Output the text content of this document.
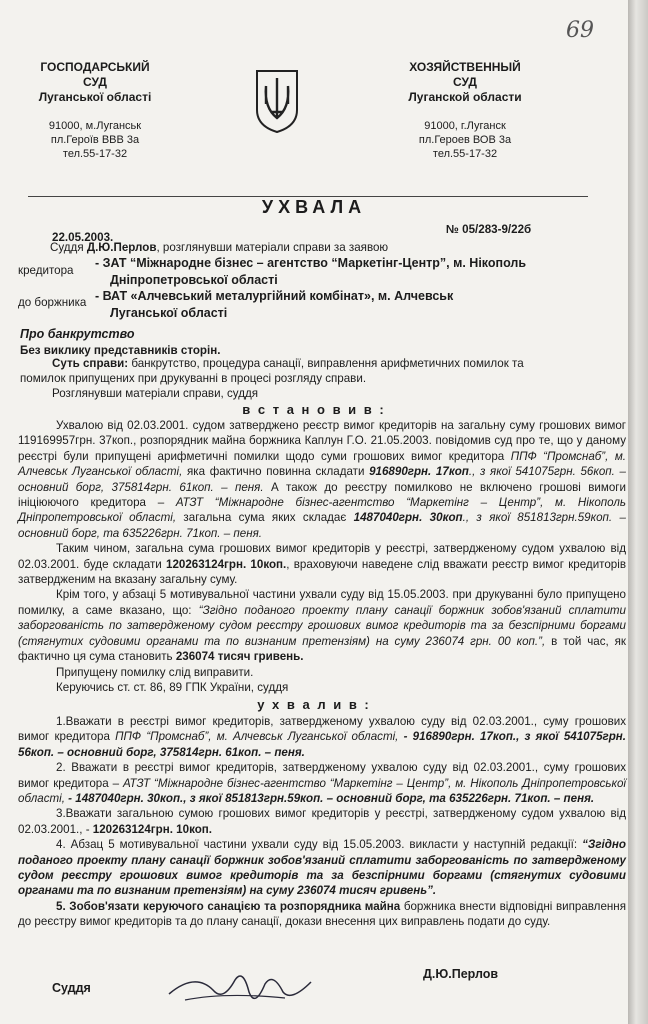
69
ГОСПОДАРСЬКИЙ
СУД
Луганської області
91000, м.Луганськ
пл.Героїв ВВВ 3а
тел.55-17-32
ХОЗЯЙСТВЕННЫЙ
СУД
Луганской области
91000, г.Луганск
пл.Героев ВОВ 3а
тел.55-17-32
УХВАЛА
22.05.2003.
№ 05/283-9/22б
Суддя Д.Ю.Перлов, розглянувши матеріали справи за заявою
кредитора
- ЗАТ “Міжнародне бізнес – агентство “Маркетінг-Центр”, м. Нікополь
Дніпропетровської області
до боржника - ВАТ «Алчевський металургійний комбінат», м. Алчевськ
Луганської області
Про банкрутство
Без виклику представників сторін.
Суть справи: банкрутство, процедура санації, виправлення арифметичних помилок та
помилок припущених при друкуванні в процесі розгляду справи.
Розглянувши матеріали справи, суддя
в с т а н о в и в :

Ухвалою від 02.03.2001. судом затверджено реєстр вимог кредиторів на загальну суму грошових вимог 119169957грн. 37коп., розпорядник майна боржника Каплун Г.О. 21.05.2003. повідомив суд про те, що у даному реєстрі були припущені арифметичні помилки щодо суми грошових вимог кредитора ППФ “Промснаб”, м. Алчевськ Луганської області, яка фактично повинна складати 916890грн. 17коп., з якої 541075грн. 56коп. – основний борг, 375814грн. 61коп. – пеня. А також до реєстру помилково не включено грошові вимоги ініціюючого кредитора – АТЗТ “Міжнародне бізнес-агентство “Маркетінг – Центр”, м. Нікополь Дніпропетровської області, загальна сума яких складає 1487040грн. 30коп., з якої 851813грн.59коп. – основний борг, та 635226грн. 71коп. – пеня.

Таким чином, загальна сума грошових вимог кредиторів у реєстрі, затвердженому судом ухвалою від 02.03.2001. буде складати 120263124грн. 10коп., враховуючи наведене слід вважати реєстр вимог кредиторів затвердженим на вказану загальну суму.

Крім того, у абзаці 5 мотивувальної частини ухвали суду від 15.05.2003. при друкуванні було припущено помилку, а саме вказано, що: “Згідно поданого проекту плану санації боржник зобов'язаний сплатити заборгованість по затвердженому судом реєстру грошових вимог кредиторів та за безспірними боргами (стягнутих судовими органами та по визнаним претензіям) на суму 236074 грн. 00 коп.”, в той час, як фактично ця сума становить 236074 тисяч гривень.

Припущену помилку слід виправити.

Керуючись ст. ст. 86, 89 ГПК України, суддя

у х в а л и в :

1.Вважати в реєстрі вимог кредиторів, затвердженому ухвалою суду від 02.03.2001., суму грошових вимог кредитора ППФ “Промснаб”, м. Алчевськ Луганської області, - 916890грн. 17коп., з якої 541075грн. 56коп. – основний борг, 375814грн. 61коп. – пеня.

2. Вважати в реєстрі вимог кредиторів, затвердженому ухвалою суду від 02.03.2001., суму грошових вимог кредитора – АТЗТ “Міжнародне бізнес-агентство “Маркетінг – Центр”, м. Нікополь Дніпропетровської області, - 1487040грн. 30коп., з якої 851813грн.59коп. – основний борг, та 635226грн. 71коп. – пеня.

3.Вважати загальною сумою грошових вимог кредиторів у реєстрі, затвердженому судом ухвалою від 02.03.2001., - 120263124грн. 10коп.

4. Абзац 5 мотивувальної частини ухвали суду від 15.05.2003. викласти у наступній редакції: “Згідно поданого проекту плану санації боржник зобов'язаний сплатити заборгованість по затвердженому судом реєстру грошових вимог кредиторів та за безспірними боргами (стягнутих судовими органами та по визнаним претензіям) на суму 236074 тисяч гривень”.

5. Зобов'язати керуючого санацією та розпорядника майна боржника внести відповідні виправлення до реєстру вимог кредиторів та до плану санації, докази внесення цих виправлень подати до суду.

Суддя
Д.Ю.Перлов
